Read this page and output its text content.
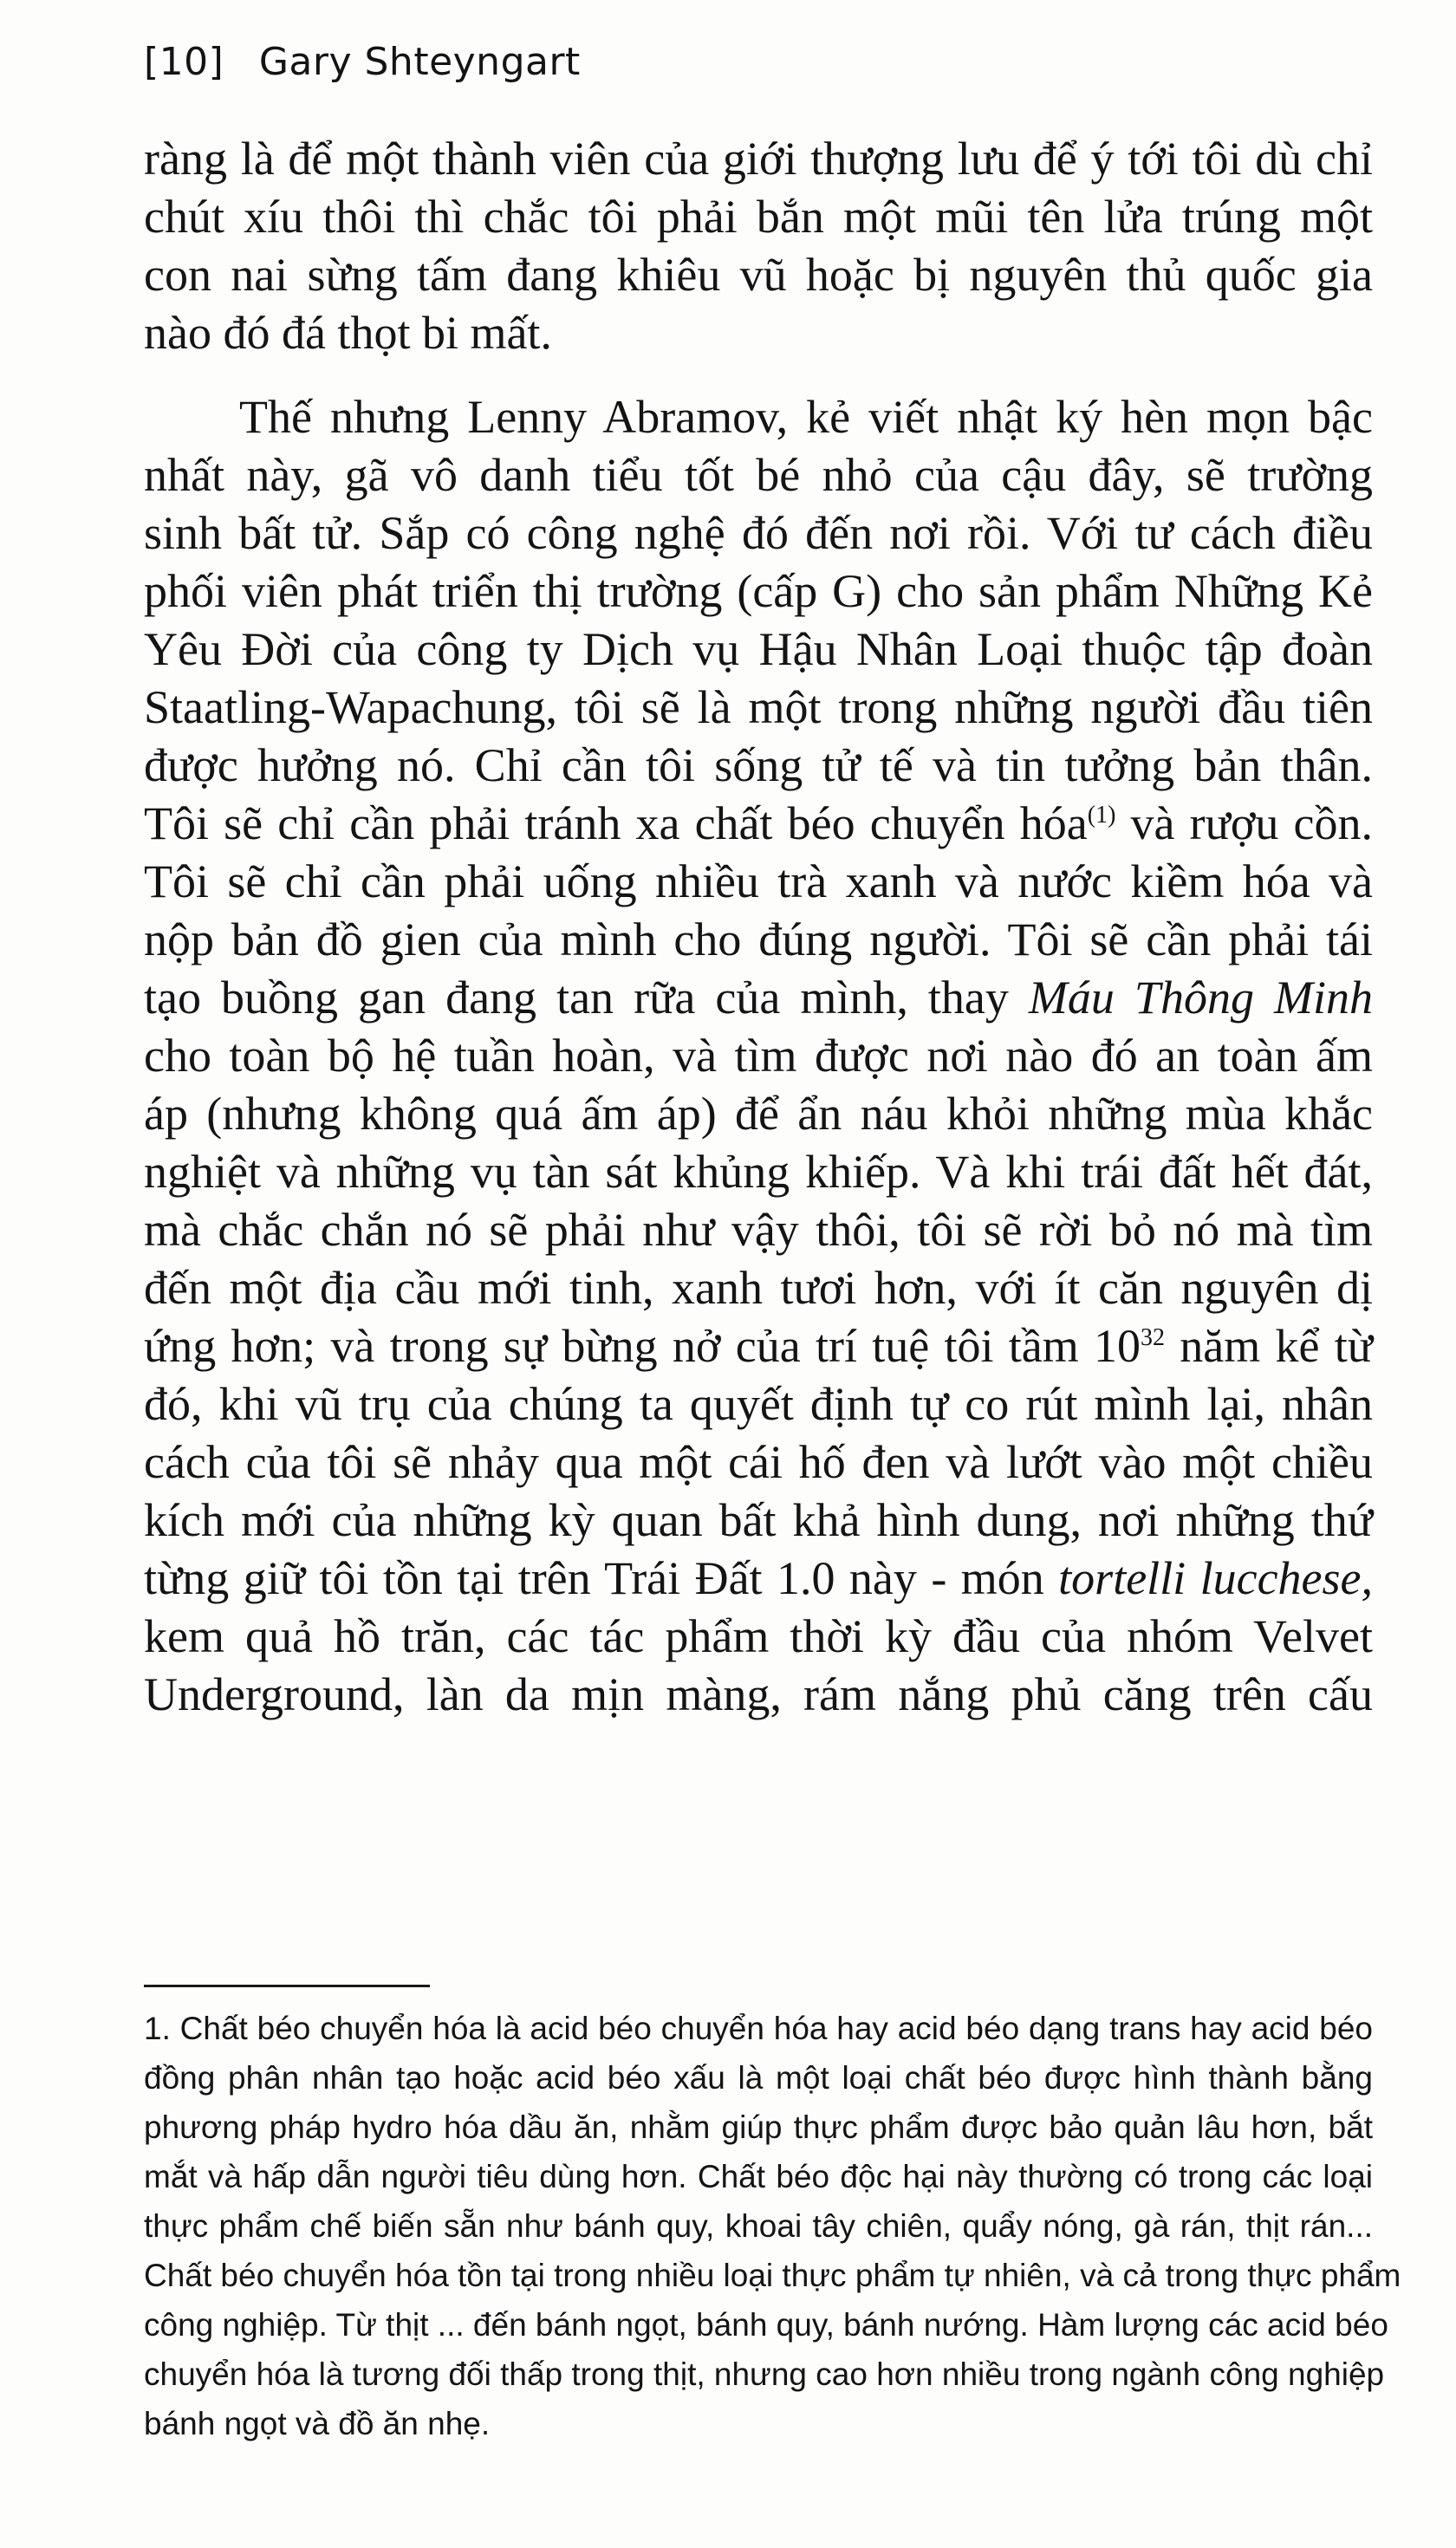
[10] Gary Shteyngart
ràng là để một thành viên của giới thượng lưu để ý tới tôi dù chỉ
chút xíu thôi thì chắc tôi phải bắn một mũi tên lửa trúng một
con nai sừng tấm đang khiêu vũ hoặc bị nguyên thủ quốc gia
nào đó đá thọt bi mất.
Thế nhưng Lenny Abramov, kẻ viết nhật ký hèn mọn bậc
nhất này, gã vô danh tiểu tốt bé nhỏ của cậu đây, sẽ trường
sinh bất tử. Sắp có công nghệ đó đến nơi rồi. Với tư cách điều
phối viên phát triển thị trường (cấp G) cho sản phẩm Những Kẻ
Yêu Đời của công ty Dịch vụ Hậu Nhân Loại thuộc tập đoàn
Staatling-Wapachung, tôi sẽ là một trong những người đầu tiên
được hưởng nó. Chỉ cần tôi sống tử tế và tin tưởng bản thân.
Tôi sẽ chỉ cần phải tránh xa chất béo chuyển hóa$^{(1)}$ và rượu cồn.
Tôi sẽ chỉ cần phải uống nhiều trà xanh và nước kiềm hóa và
nộp bản đồ gien của mình cho đúng người. Tôi sẽ cần phải tái
tạo buồng gan đang tan rữa của mình, thay Máu Thông Minh
cho toàn bộ hệ tuần hoàn, và tìm được nơi nào đó an toàn ấm
áp (nhưng không quá ấm áp) để ẩn náu khỏi những mùa khắc
nghiệt và những vụ tàn sát khủng khiếp. Và khi trái đất hết đát,
mà chắc chắn nó sẽ phải như vậy thôi, tôi sẽ rời bỏ nó mà tìm
đến một địa cầu mới tinh, xanh tươi hơn, với ít căn nguyên dị
ứng hơn; và trong sự bừng nở của trí tuệ tôi tầm $10^{32}$ năm kể từ
đó, khi vũ trụ của chúng ta quyết định tự co rút mình lại, nhân
cách của tôi sẽ nhảy qua một cái hố đen và lướt vào một chiều
kích mới của những kỳ quan bất khả hình dung, nơi những thứ
từng giữ tôi tồn tại trên Trái Đất 1.0 này - món tortelli lucchese,
kem quả hồ trăn, các tác phẩm thời kỳ đầu của nhóm Velvet
Underground, làn da mịn màng, rám nắng phủ căng trên cấu
1. Chất béo chuyển hóa là acid béo chuyển hóa hay acid béo dạng trans hay acid béo
đồng phân nhân tạo hoặc acid béo xấu là một loại chất béo được hình thành bằng
phương pháp hydro hóa dầu ăn, nhằm giúp thực phẩm được bảo quản lâu hơn, bắt
mắt và hấp dẫn người tiêu dùng hơn. Chất béo độc hại này thường có trong các loại
thực phẩm chế biến sẵn như bánh quy, khoai tây chiên, quẩy nóng, gà rán, thịt rán...
Chất béo chuyển hóa tồn tại trong nhiều loại thực phẩm tự nhiên, và cả trong thực phẩm
công nghiệp. Từ thịt ... đến bánh ngọt, bánh quy, bánh nướng. Hàm lượng các acid béo
chuyển hóa là tương đối thấp trong thịt, nhưng cao hơn nhiều trong ngành công nghiệp
bánh ngọt và đồ ăn nhẹ.
